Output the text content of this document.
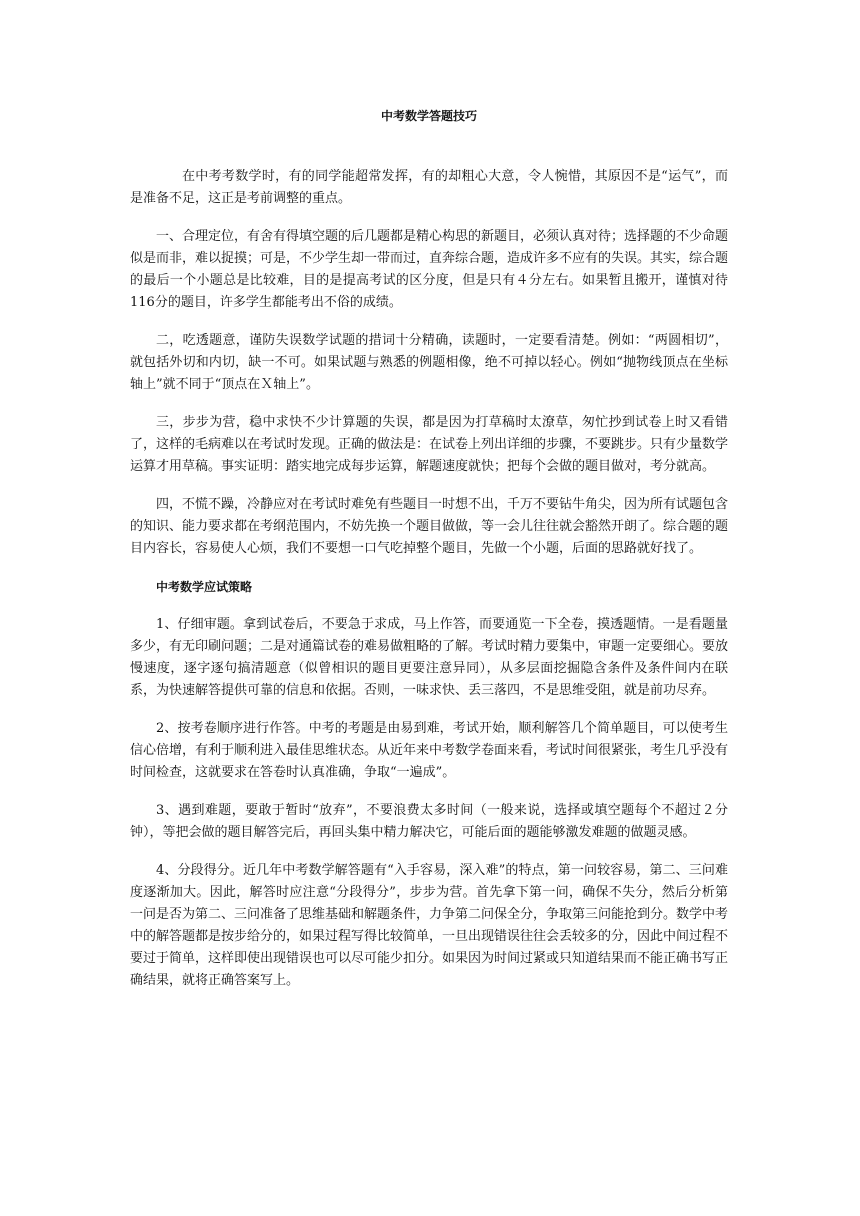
中考数学答题技巧

在中考考数学时，有的同学能超常发挥，有的却粗心大意，令人惋惜，其原因不是“运气”，而是准备不足，这正是考前调整的重点。

一、合理定位，有舍有得填空题的后几题都是精心构思的新题目，必须认真对待；选择题的不少命题似是而非，难以捉摸；可是，不少学生却一带而过，直奔综合题，造成许多不应有的失误。其实，综合题的最后一个小题总是比较难，目的是提高考试的区分度，但是只有４分左右。如果暂且搬开，谨慎对待116分的题目，许多学生都能考出不俗的成绩。

二，吃透题意，谨防失误数学试题的措词十分精确，读题时，一定要看清楚。例如：“两圆相切”，就包括外切和内切，缺一不可。如果试题与熟悉的例题相像，绝不可掉以轻心。例如“抛物线顶点在坐标轴上”就不同于“顶点在Ｘ轴上”。

三，步步为营，稳中求快不少计算题的失误，都是因为打草稿时太潦草，匆忙抄到试卷上时又看错了，这样的毛病难以在考试时发现。正确的做法是：在试卷上列出详细的步骤，不要跳步。只有少量数学运算才用草稿。事实证明：踏实地完成每步运算，解题速度就快；把每个会做的题目做对，考分就高。

四，不慌不躁，冷静应对在考试时难免有些题目一时想不出，千万不要钻牛角尖，因为所有试题包含的知识、能力要求都在考纲范围内，不妨先换一个题目做做，等一会儿往往就会豁然开朗了。综合题的题目内容长，容易使人心烦，我们不要想一口气吃掉整个题目，先做一个小题，后面的思路就好找了。

中考数学应试策略

1、仔细审题。拿到试卷后，不要急于求成，马上作答，而要通览一下全卷，摸透题情。一是看题量多少，有无印刷问题；二是对通篇试卷的难易做粗略的了解。考试时精力要集中，审题一定要细心。要放慢速度，逐字逐句搞清题意（似曾相识的题目更要注意异同），从多层面挖掘隐含条件及条件间内在联系，为快速解答提供可靠的信息和依据。否则，一味求快、丢三落四，不是思维受阻，就是前功尽弃。

2、按考卷顺序进行作答。中考的考题是由易到难，考试开始，顺利解答几个简单题目，可以使考生信心倍增，有利于顺利进入最佳思维状态。从近年来中考数学卷面来看，考试时间很紧张，考生几乎没有时间检查，这就要求在答卷时认真准确，争取“一遍成”。

3、遇到难题，要敢于暂时“放弃”，不要浪费太多时间（一般来说，选择或填空题每个不超过２分钟），等把会做的题目解答完后，再回头集中精力解决它，可能后面的题能够激发难题的做题灵感。

4、分段得分。近几年中考数学解答题有“入手容易，深入难”的特点，第一问较容易，第二、三问难度逐渐加大。因此，解答时应注意“分段得分”，步步为营。首先拿下第一问，确保不失分，然后分析第一问是否为第二、三问准备了思维基础和解题条件，力争第二问保全分，争取第三问能抢到分。数学中考中的解答题都是按步给分的，如果过程写得比较简单，一旦出现错误往往会丢较多的分，因此中间过程不要过于简单，这样即使出现错误也可以尽可能少扣分。如果因为时间过紧或只知道结果而不能正确书写正确结果，就将正确答案写上。
